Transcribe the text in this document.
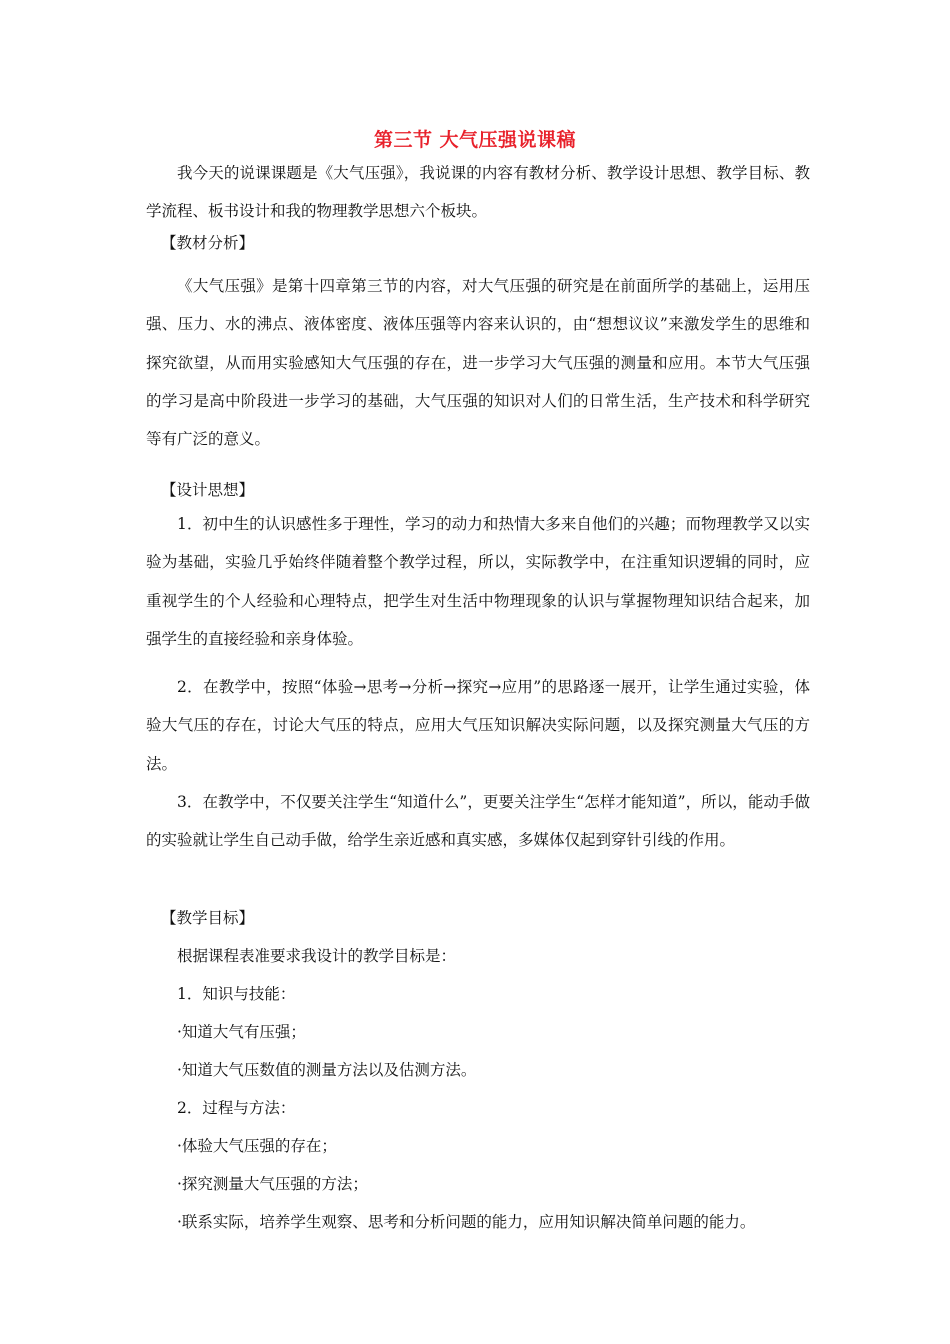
第三节 大气压强说课稿
我今天的说课课题是《大气压强》，我说课的内容有教材分析、教学设计思想、教学目标、教学流程、板书设计和我的物理教学思想六个板块。
【教材分析】
《大气压强》是第十四章第三节的内容，对大气压强的研究是在前面所学的基础上，运用压强、压力、水的沸点、液体密度、液体压强等内容来认识的，由“想想议议”来激发学生的思维和探究欲望，从而用实验感知大气压强的存在，进一步学习大气压强的测量和应用。本节大气压强的学习是高中阶段进一步学习的基础，大气压强的知识对人们的日常生活，生产技术和科学研究等有广泛的意义。
【设计思想】
1．初中生的认识感性多于理性，学习的动力和热情大多来自他们的兴趣；而物理教学又以实验为基础，实验几乎始终伴随着整个教学过程，所以，实际教学中，在注重知识逻辑的同时，应重视学生的个人经验和心理特点，把学生对生活中物理现象的认识与掌握物理知识结合起来，加强学生的直接经验和亲身体验。
2．在教学中，按照“体验→思考→分析→探究→应用”的思路逐一展开，让学生通过实验，体验大气压的存在，讨论大气压的特点，应用大气压知识解决实际问题，以及探究测量大气压的方法。
3．在教学中，不仅要关注学生“知道什么”，更要关注学生“怎样才能知道”，所以，能动手做的实验就让学生自己动手做，给学生亲近感和真实感，多媒体仅起到穿针引线的作用。
【教学目标】
根据课程表准要求我设计的教学目标是：
1．知识与技能：
·知道大气有压强；
·知道大气压数值的测量方法以及估测方法。
2．过程与方法：
·体验大气压强的存在；
·探究测量大气压强的方法；
·联系实际，培养学生观察、思考和分析问题的能力，应用知识解决简单问题的能力。
